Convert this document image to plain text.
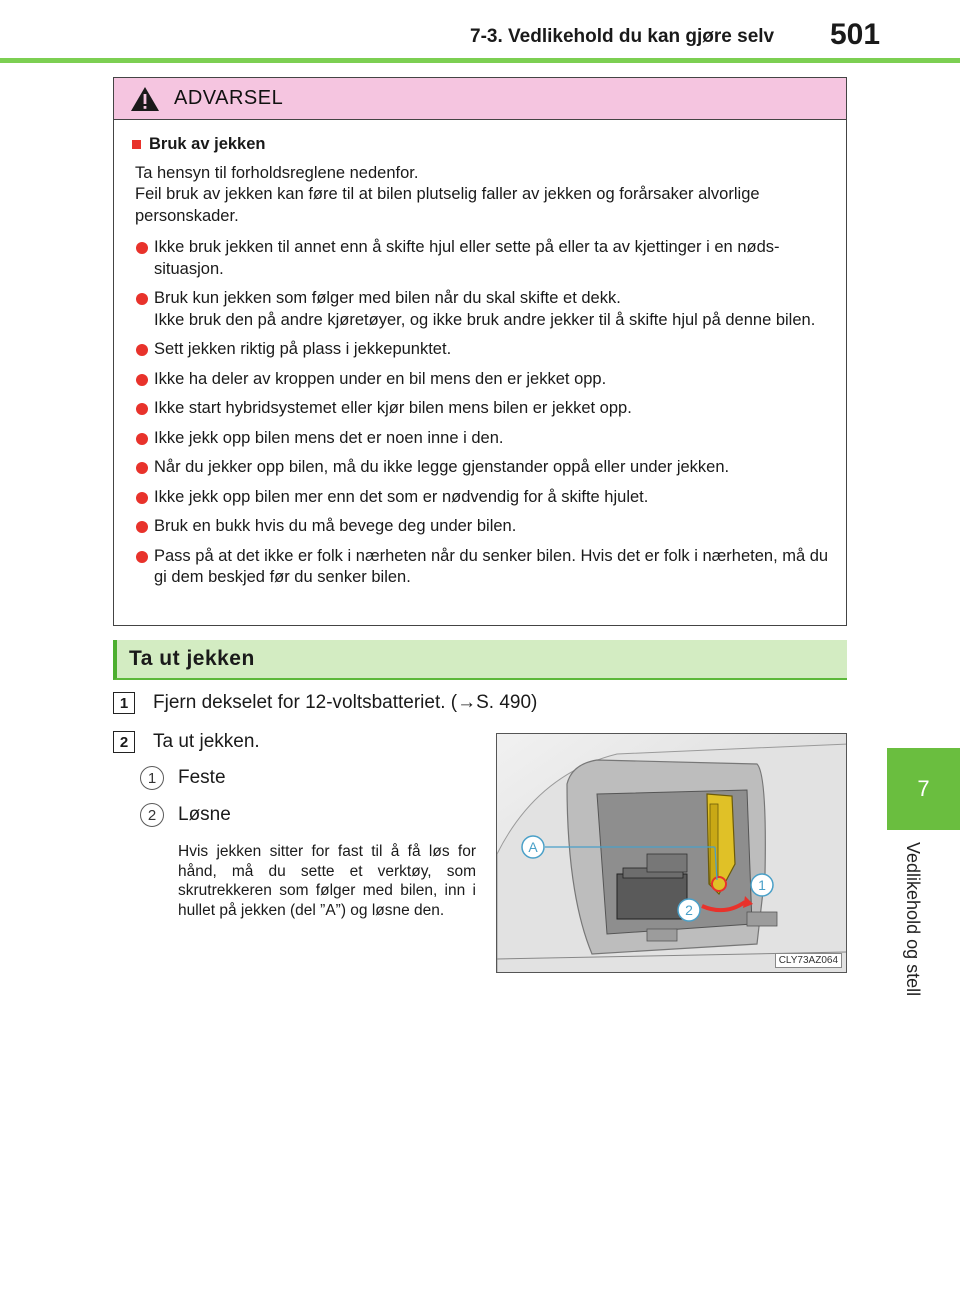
7-3. Vedlikehold du kan gjøre selv 501
7
Vedlikehold og stell
ADVARSEL
Bruk av jekken
Ta hensyn til forholdsreglene nedenfor.
Feil bruk av jekken kan føre til at bilen plutselig faller av jekken og forårsaker alvorlige personskader.
Ikke bruk jekken til annet enn å skifte hjul eller sette på eller ta av kjettinger i en nøds-situasjon.
Bruk kun jekken som følger med bilen når du skal skifte et dekk.
Ikke bruk den på andre kjøretøyer, og ikke bruk andre jekker til å skifte hjul på denne bilen.
Sett jekken riktig på plass i jekkepunktet.
Ikke ha deler av kroppen under en bil mens den er jekket opp.
Ikke start hybridsystemet eller kjør bilen mens bilen er jekket opp.
Ikke jekk opp bilen mens det er noen inne i den.
Når du jekker opp bilen, må du ikke legge gjenstander oppå eller under jekken.
Ikke jekk opp bilen mer enn det som er nødvendig for å skifte hjulet.
Bruk en bukk hvis du må bevege deg under bilen.
Pass på at det ikke er folk i nærheten når du senker bilen. Hvis det er folk i nærheten, må du gi dem beskjed før du senker bilen.
Ta ut jekken
1	Fjern dekselet for 12-voltsbatteriet. (→S. 490)
2	Ta ut jekken.
1	Feste
2	Løsne
Hvis jekken sitter for fast til å få løs for hånd, må du sette et verktøy, som skrutrekkeren som følger med bilen, inn i hullet på jekken (del ”A”) og løsne den.
A
1
2
CLY73AZ064
